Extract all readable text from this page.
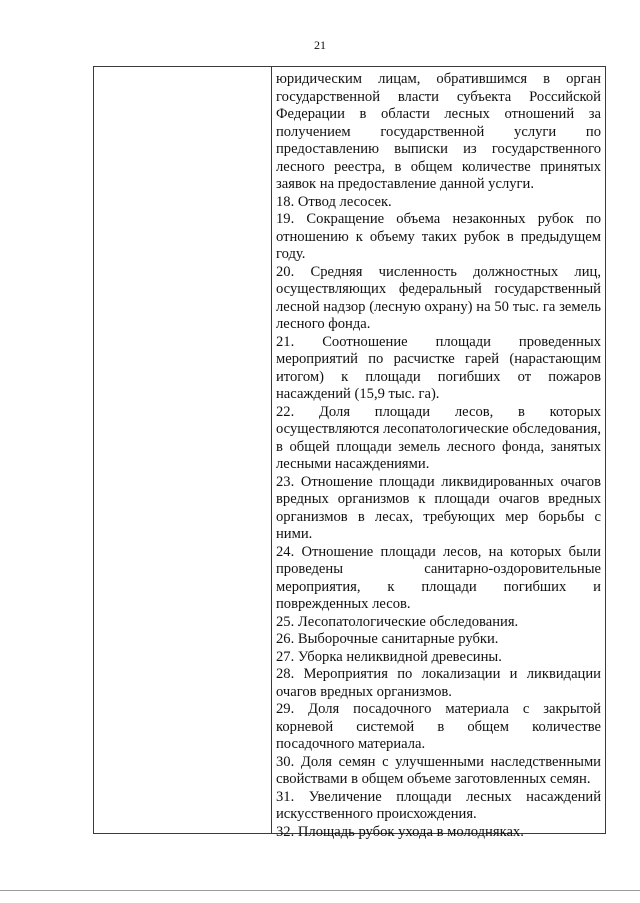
21

юридическим лицам, обратившимся в орган государственной власти субъекта Российской Федерации в области лесных отношений за получением государственной услуги по предоставлению выписки из государственного лесного реестра, в общем количестве принятых заявок на предоставление данной услуги.

18. Отвод лесосек.

19. Сокращение объема незаконных рубок по отношению к объему таких рубок в предыдущем году.

20. Средняя численность должностных лиц, осуществляющих федеральный государственный лесной надзор (лесную охрану) на 50 тыс. га земель лесного фонда.

21. Соотношение площади проведенных мероприятий по расчистке гарей (нарастающим итогом) к площади погибших от пожаров насаждений (15,9 тыс. га).

22. Доля площади лесов, в которых осуществляются лесопатологические обследования, в общей площади земель лесного фонда, занятых лесными насаждениями.

23. Отношение площади ликвидированных очагов вредных организмов к площади очагов вредных организмов в лесах, требующих мер борьбы с ними.

24. Отношение площади лесов, на которых были проведены санитарно-оздоровительные мероприятия, к площади погибших и поврежденных лесов.

25. Лесопатологические обследования.

26. Выборочные санитарные рубки.

27. Уборка неликвидной древесины.

28. Мероприятия по локализации и ликвидации очагов вредных организмов.

29. Доля посадочного материала с закрытой корневой системой в общем количестве посадочного материала.

30. Доля семян с улучшенными наследственными свойствами в общем объеме заготовленных семян.

31. Увеличение площади лесных насаждений искусственного происхождения.

32. Площадь рубок ухода в молодняках.
